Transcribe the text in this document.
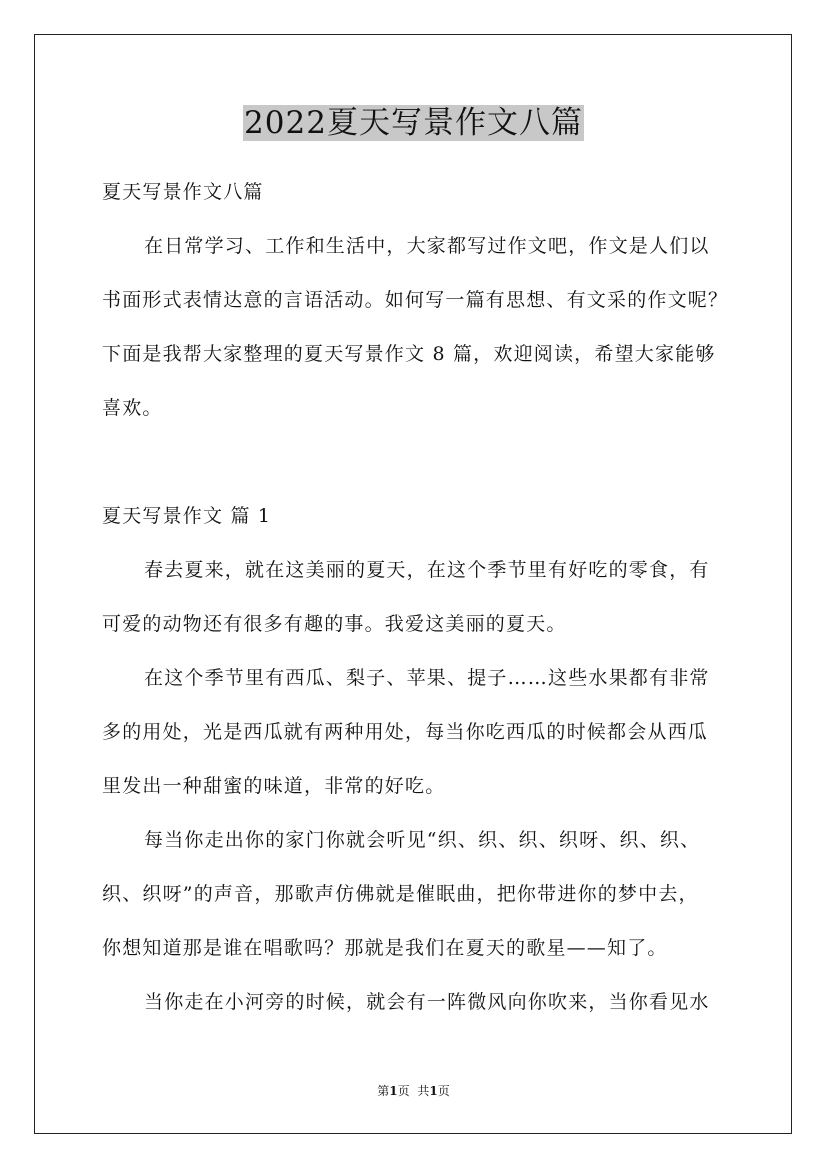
2022夏天写景作文八篇
夏天写景作文八篇
在日常学习、工作和生活中，大家都写过作文吧，作文是人们以
书面形式表情达意的言语活动。如何写一篇有思想、有文采的作文呢？
下面是我帮大家整理的夏天写景作文 8 篇，欢迎阅读，希望大家能够
喜欢。
夏天写景作文 篇 1
春去夏来，就在这美丽的夏天，在这个季节里有好吃的零食，有
可爱的动物还有很多有趣的事。我爱这美丽的夏天。
在这个季节里有西瓜、梨子、苹果、提子……这些水果都有非常
多的用处，光是西瓜就有两种用处，每当你吃西瓜的时候都会从西瓜
里发出一种甜蜜的味道，非常的好吃。
每当你走出你的家门你就会听见“织、织、织、织呀、织、织、
织、织呀”的声音，那歌声仿佛就是催眠曲，把你带进你的梦中去，
你想知道那是谁在唱歌吗？那就是我们在夏天的歌星——知了。
当你走在小河旁的时候，就会有一阵微风向你吹来，当你看见水
第1页 共1页
